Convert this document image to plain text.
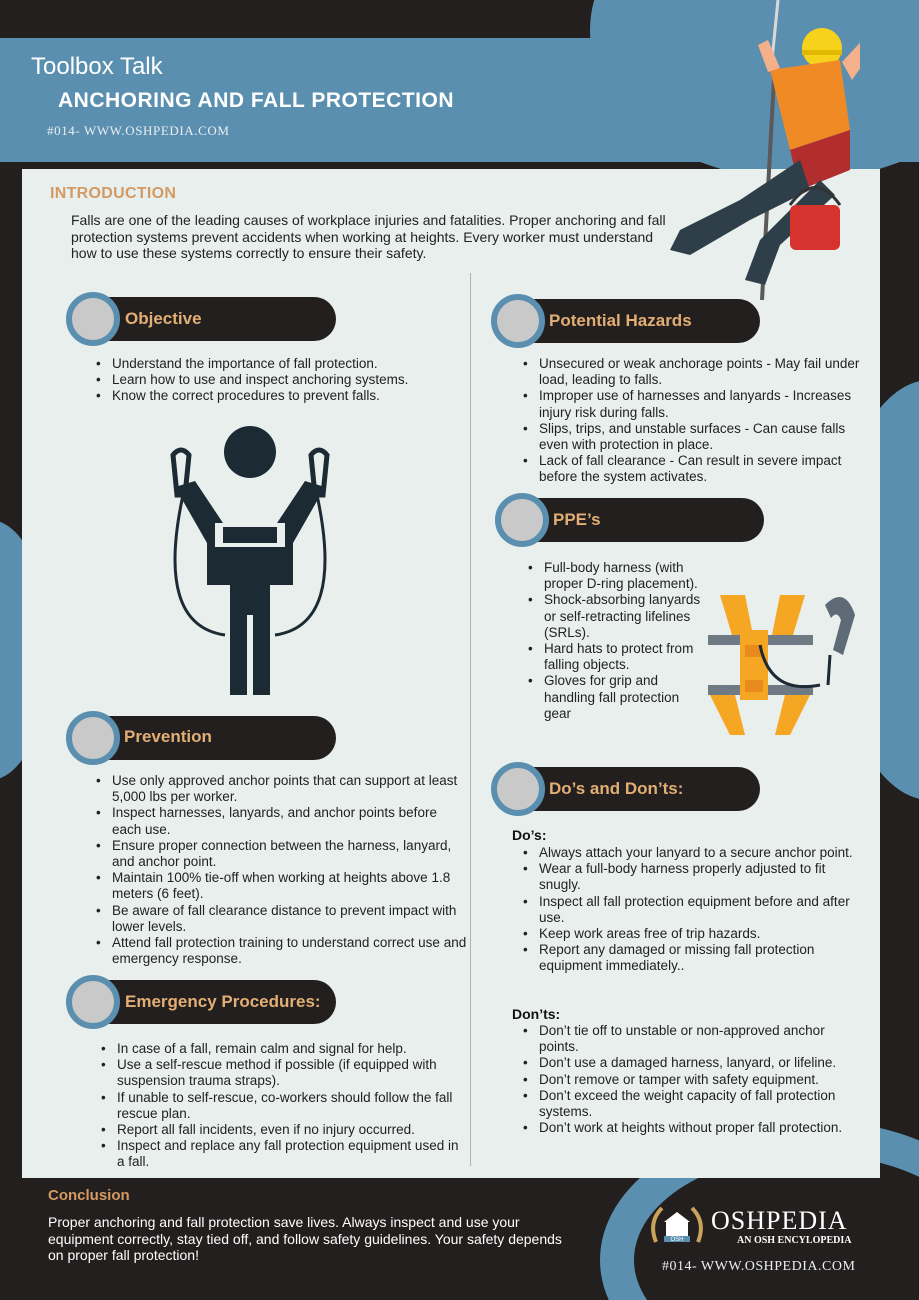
Toolbox Talk
ANCHORING AND FALL PROTECTION
#014- WWW.OSHPEDIA.COM
INTRODUCTION
Falls are one of the leading causes of workplace injuries and fatalities. Proper anchoring and fall protection systems prevent accidents when working at heights. Every worker must understand how to use these systems correctly to ensure their safety.
Objective
• Understand the importance of fall protection.
• Learn how to use and inspect anchoring systems.
• Know the correct procedures to prevent falls.
Prevention
• Use only approved anchor points that can support at least 5,000 lbs per worker.
• Inspect harnesses, lanyards, and anchor points before each use.
• Ensure proper connection between the harness, lanyard, and anchor point.
• Maintain 100% tie-off when working at heights above 1.8 meters (6 feet).
• Be aware of fall clearance distance to prevent impact with lower levels.
• Attend fall protection training to understand correct use and emergency response.
Emergency Procedures:
• In case of a fall, remain calm and signal for help.
• Use a self-rescue method if possible (if equipped with suspension trauma straps).
• If unable to self-rescue, co-workers should follow the fall rescue plan.
• Report all fall incidents, even if no injury occurred.
• Inspect and replace any fall protection equipment used in a fall.
Potential Hazards
• Unsecured or weak anchorage points - May fail under load, leading to falls.
• Improper use of harnesses and lanyards - Increases injury risk during falls.
• Slips, trips, and unstable surfaces - Can cause falls even with protection in place.
• Lack of fall clearance - Can result in severe impact before the system activates.
PPE’s
• Full-body harness (with proper D-ring placement).
• Shock-absorbing lanyards or self-retracting lifelines (SRLs).
• Hard hats to protect from falling objects.
• Gloves for grip and handling fall protection gear
Do’s and Don’ts:
Do’s:
• Always attach your lanyard to a secure anchor point.
• Wear a full-body harness properly adjusted to fit snugly.
• Inspect all fall protection equipment before and after use.
• Keep work areas free of trip hazards.
• Report any damaged or missing fall protection equipment immediately..
Don’ts:
• Don’t tie off to unstable or non-approved anchor points.
• Don’t use a damaged harness, lanyard, or lifeline.
• Don’t remove or tamper with safety equipment.
• Don’t exceed the weight capacity of fall protection systems.
• Don’t work at heights without proper fall protection.
Conclusion
Proper anchoring and fall protection save lives. Always inspect and use your equipment correctly, stay tied off, and follow safety guidelines. Your safety depends on proper fall protection!
OSH
OSHPEDIA
AN OSH ENCYLOPEDIA
#014- WWW.OSHPEDIA.COM
